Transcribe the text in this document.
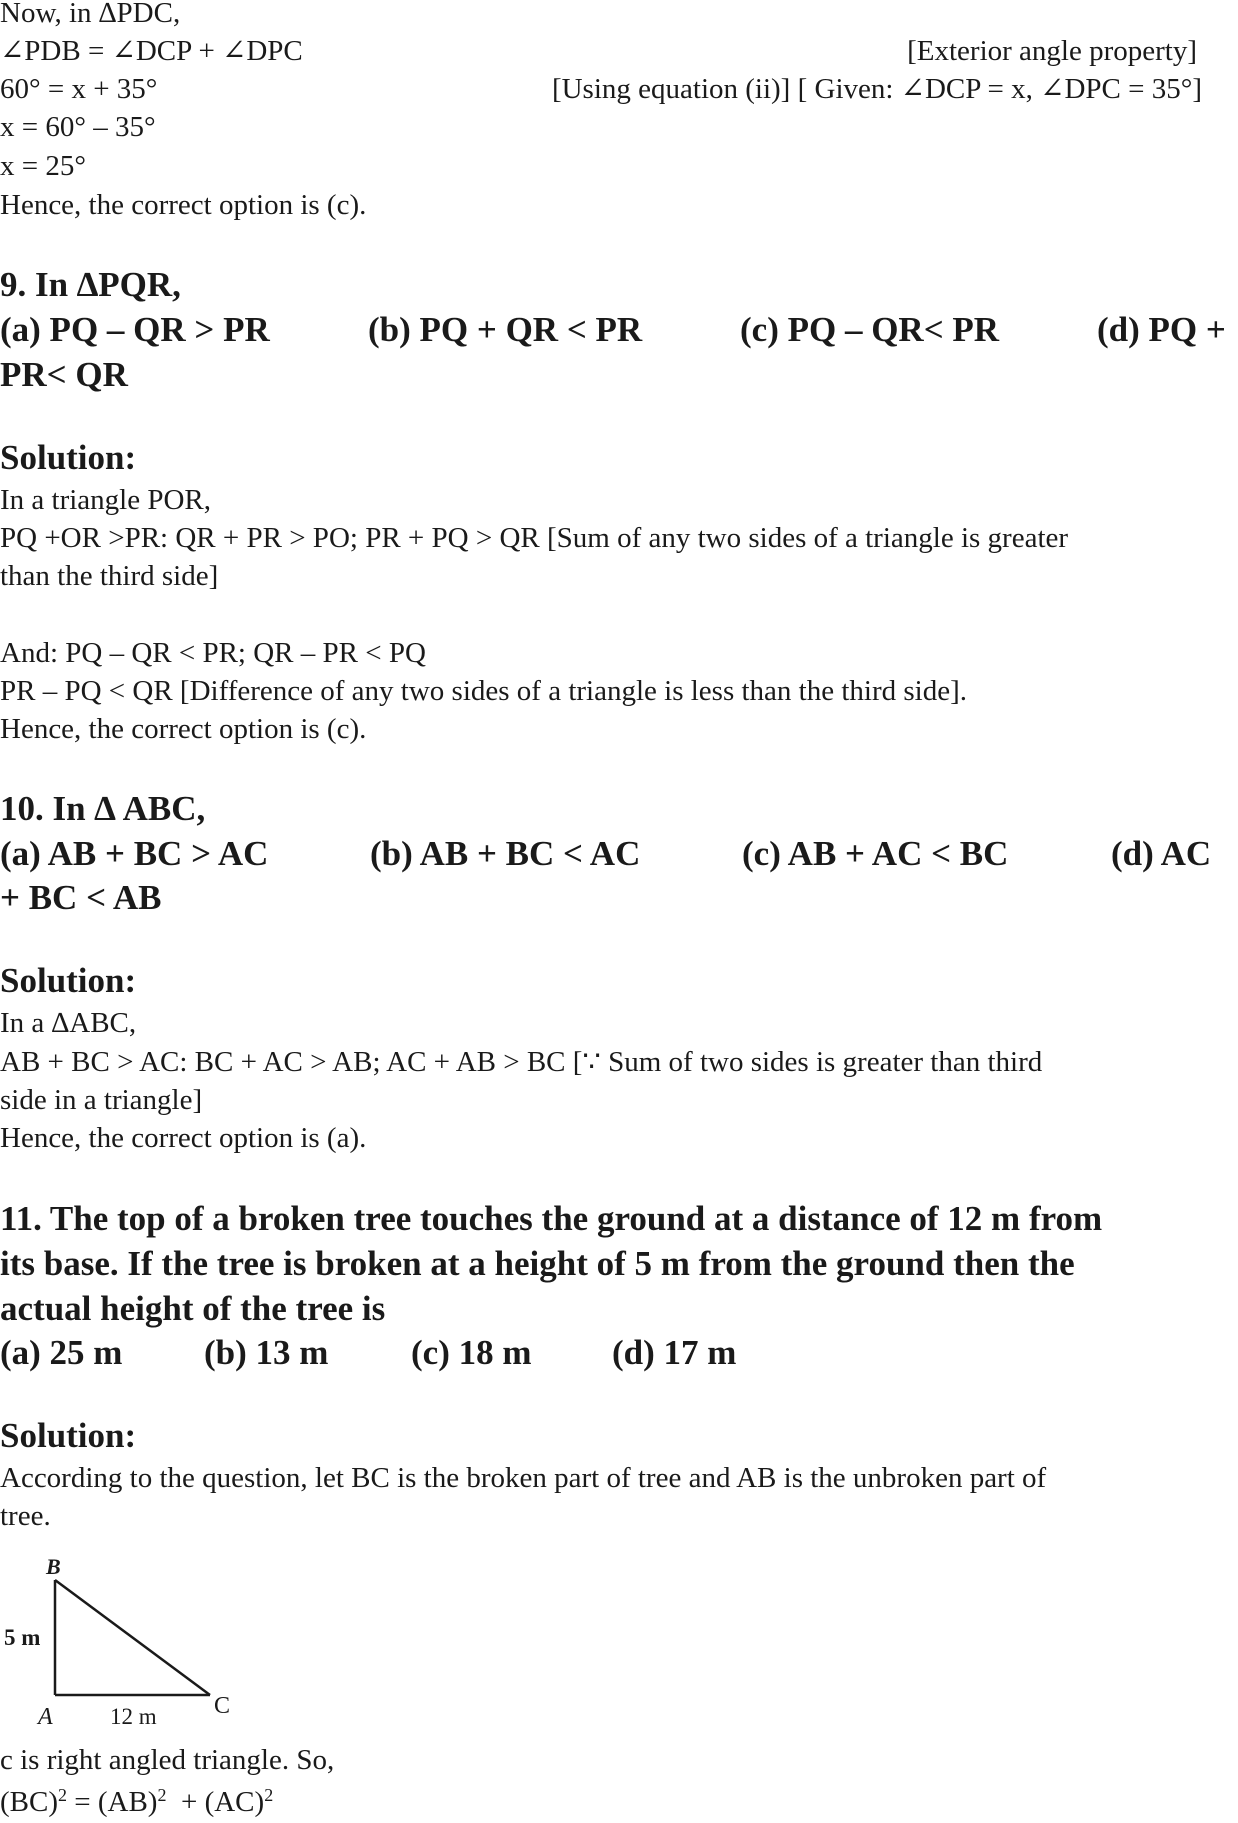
Now, in ∆PDC,
∠PDB = ∠DCP + ∠DPC	[Exterior angle property]
60° = x + 35°	[Using equation (ii)] [ Given: ∠DCP = x, ∠DPC = 35°]
x = 60° – 35°
x = 25°
Hence, the correct option is (c).
9. In ∆PQR,
(a) PQ – QR > PR	(b) PQ + QR < PR	(c) PQ – QR< PR	(d) PQ +
PR< QR
Solution:
In a triangle POR,
PQ +OR >PR: QR + PR > PO; PR + PQ > QR [Sum of any two sides of a triangle is greater
than the third side]
And: PQ – QR < PR; QR – PR < PQ
PR – PQ < QR [Difference of any two sides of a triangle is less than the third side].
Hence, the correct option is (c).
10. In ∆ ABC,
(a) AB + BC > AC	(b) AB + BC < AC	(c) AB + AC < BC	(d) AC
+ BC < AB
Solution:
In a ∆ABC,
AB + BC > AC: BC + AC > AB; AC + AB > BC [∵ Sum of two sides is greater than third
side in a triangle]
Hence, the correct option is (a).
11. The top of a broken tree touches the ground at a distance of 12 m from
its base. If the tree is broken at a height of 5 m from the ground then the
actual height of the tree is
(a) 25 m (b) 13 m (c) 18 m (d) 17 m
Solution:
According to the question, let BC is the broken part of tree and AB is the unbroken part of
tree.
B
A	C
5 m
12 m
c is right angled triangle. So,
(BC)$^2$ = (AB)$^2$  + (AC)$^2$
